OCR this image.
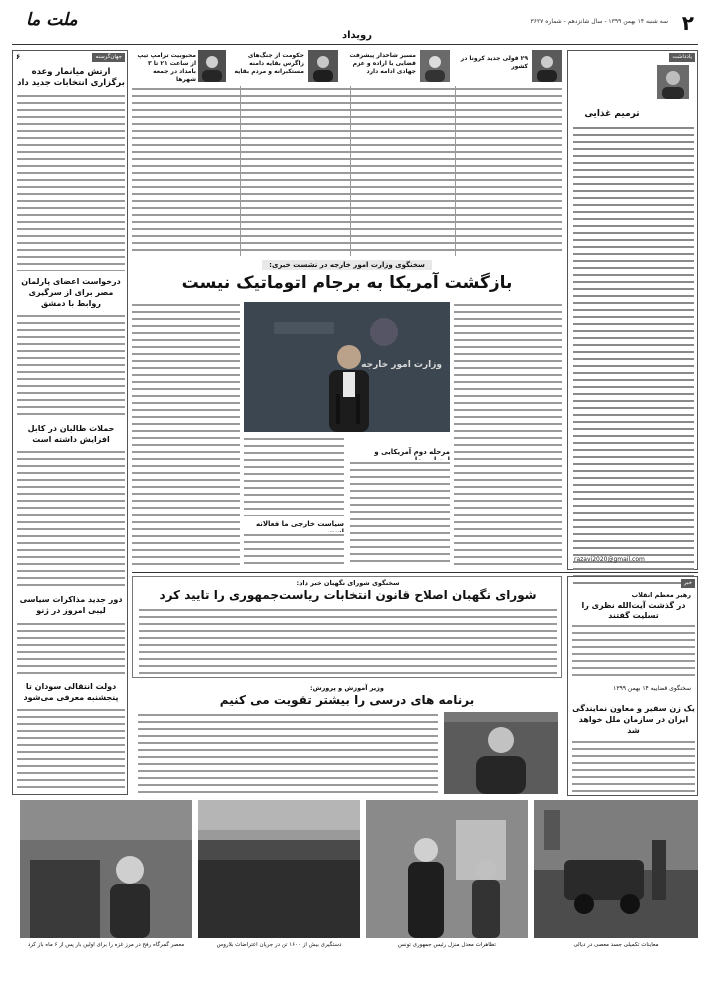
۲
سه شنبه ۱۴ بهمن ۱۳۹۹ - سال شانزدهم - شماره ۳۶۲۷
رویداد
ملت ما
یادداشت
ترمیم غذایی
razavi2020@gmail.com
۲۹ قولی جدید کرونا در کشور
مسیر شاخدار پیشرفت قضایی با اراده و عزم جهادی ادامه دارد
حکومت از جنگ‌های زاگرس بقایه دامنه مستکبرانه و مردم بقایه
محبوبیت ترامپ تیپ از ساعت ۲۱ تا ۳ بامداد در جمعه شهرها
جهان‌گرسنه
۶
ارتش میانمار وعده برگزاری انتخابات جدید داد
درخواست اعضای پارلمان مصر برای از سرگیری روابط با دمشق
حملات طالبان در کابل افزایش داشته است
دور جدید مذاکرات سیاسی لیبی امروز در ژنو
دولت انتقالی سودان تا پنجشنبه معرفی می‌شود
سخنگوی وزارت امور خارجه در نشست خبری:
بازگشت آمریکا به برجام اتوماتیک نیست
وزارت امور خارجه
مرحله دوم آمریکایی و
سیاست خارجی ما فعالانه
سخنگوی شورای نگهبان خبر داد:
شورای نگهبان اصلاح قانون انتخابات ریاست‌جمهوری را تایید کرد
وزیر آموزش و پرورش:
برنامه های درسی را بیشتر تقویت می کنیم
خبر
رهبر معظم انقلاب
در گذشت آیت‌الله نظری را تسلیت گفتند
سخنگوی قضاییه ۱۴ بهمن ۱۳۹۹
یک زن سفیر و معاون نمایندگی ایران در سازمان ملل خواهد شد
معاینات تکمیلی جسد معصی در دیالی
تظاهرات معدل منزل رئیس جمهوری تونس
دستگیری بیش از ۱۶۰۰ تن در جریان اعتراضات بلاروس
معصر گمرگاه رفح در مرز غزه را برای اولین بار پس از ۶ ماه باز کرد
